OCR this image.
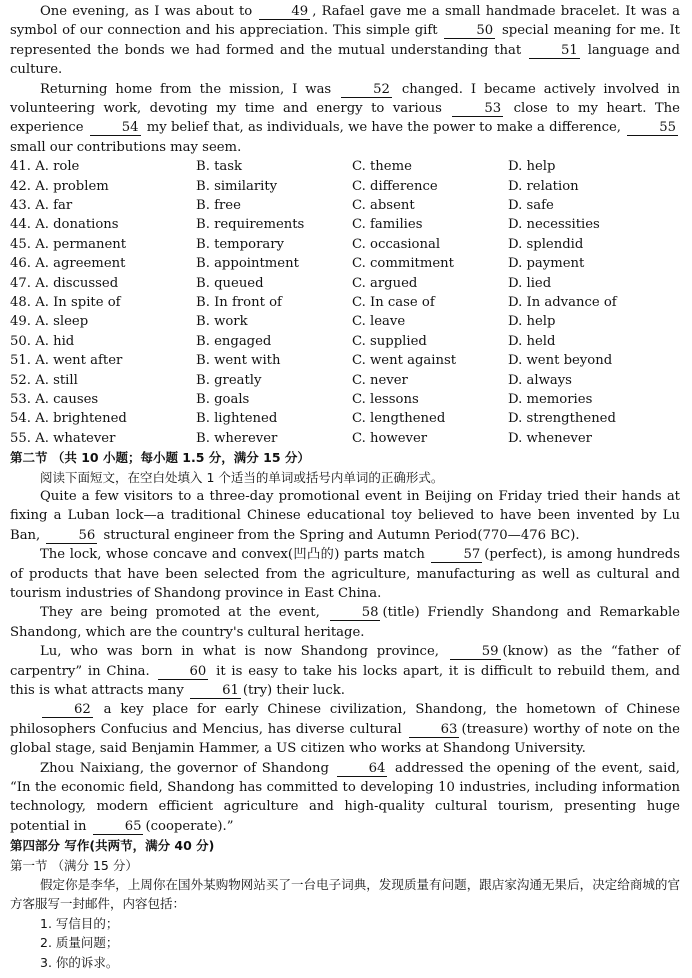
One evening, as I was about to	49 , Rafael gave me a small handmade bracelet. It was a symbol of our connection and his appreciation. This simple gift	50 special meaning for me. It represented the bonds we had formed and the mutual understanding that	51 language and culture.

Returning home from the mission, I was	52 changed. I became actively involved in volunteering work, devoting my time and energy to various	53 close to my heart. The experience	54 my belief that, as individuals, we have the power to make a difference,	55 small our contributions may seem.

41. A. role	B. task	C. theme	D. help
42. A. problem	B. similarity	C. difference	D. relation
43. A. far	B. free	C. absent	D. safe
44. A. donations	B. requirements	C. families	D. necessities
45. A. permanent	B. temporary	C. occasional	D. splendid
46. A. agreement	B. appointment	C. commitment	D. payment
47. A. discussed	B. queued	C. argued	D. lied
48. A. In spite of	B. In front of	C. In case of	D. In advance of
49. A. sleep	B. work	C. leave	D. help
50. A. hid	B. engaged	C. supplied	D. held
51. A. went after	B. went with	C. went against	D. went beyond
52. A. still	B. greatly	C. never	D. always
53. A. causes	B. goals	C. lessons	D. memories
54. A. brightened	B. lightened	C. lengthened	D. strengthened
55. A. whatever	B. wherever	C. however	D. whenever

第二节 （共 10 小题；每小题 1.5 分，满分 15 分）

阅读下面短文，在空白处填入 1 个适当的单词或括号内单词的正确形式。

Quite a few visitors to a three-day promotional event in Beijing on Friday tried their hands at fixing a Luban lock—a traditional Chinese educational toy believed to have been invented by Lu Ban,	56 structural engineer from the Spring and Autumn Period(770—476 BC).

The lock, whose concave and convex(凹凸的) parts match	57 (perfect), is among hundreds of products that have been selected from the agriculture, manufacturing as well as cultural and tourism industries of Shandong province in East China.

They are being promoted at the event,	58 (title) Friendly Shandong and Remarkable Shandong, which are the country's cultural heritage.

Lu, who was born in what is now Shandong province,	59 (know) as the “father of carpentry” in China.	60 it is easy to take his locks apart, it is difficult to rebuild them, and this is what attracts many	61 (try) their luck.

62 a key place for early Chinese civilization, Shandong, the hometown of Chinese philosophers Confucius and Mencius, has diverse cultural	63 (treasure) worthy of note on the global stage, said Benjamin Hammer, a US citizen who works at Shandong University.

Zhou Naixiang, the governor of Shandong	64 addressed the opening of the event, said, “In the economic field, Shandong has committed to developing 10 industries, including information technology, modern efficient agriculture and high-quality cultural tourism, presenting huge potential in	65 (cooperate).”

第四部分 写作(共两节，满分 40 分)

第一节 （满分 15 分）

假定你是李华，上周你在国外某购物网站买了一台电子词典，发现质量有问题，跟店家沟通无果后，决定给商城的官方客服写一封邮件，内容包括：

1. 写信目的；

2. 质量问题；

3. 你的诉求。
